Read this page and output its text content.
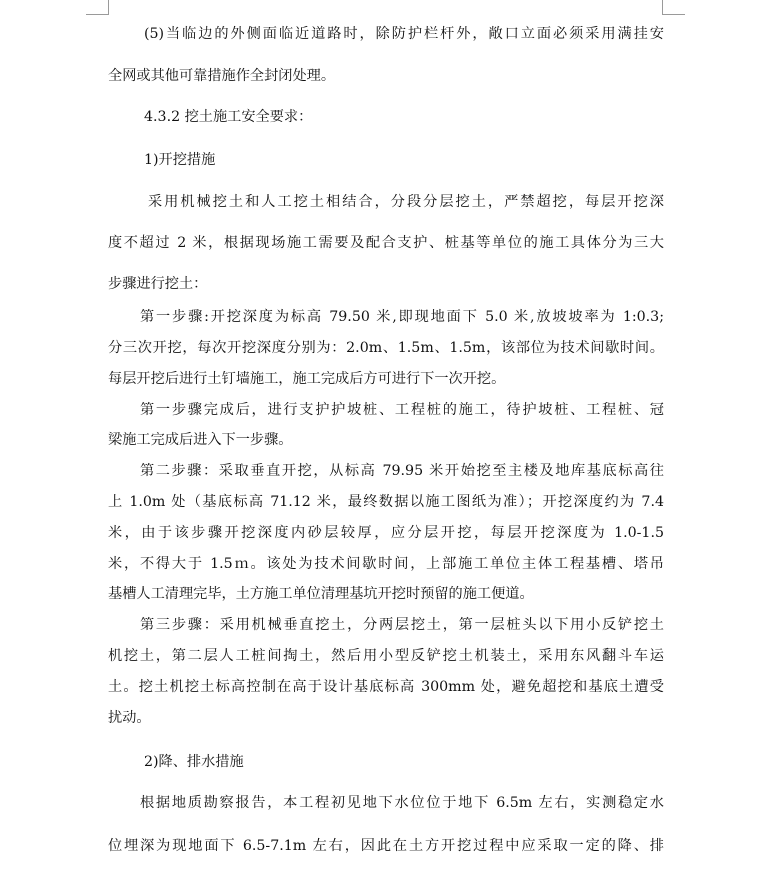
(5)当临边的外侧面临近道路时，除防护栏杆外，敞口立面必须采用满挂安
全网或其他可靠措施作全封闭处理。
4.3.2 挖土施工安全要求：
1)开挖措施
采用机械挖土和人工挖土相结合，分段分层挖土，严禁超挖，每层开挖深
度不超过 2 米，根据现场施工需要及配合支护、桩基等单位的施工具体分为三大
步骤进行挖土：
第一步骤:开挖深度为标高 79.50 米,即现地面下 5.0 米,放坡坡率为 1:0.3;
分三次开挖，每次开挖深度分别为：2.0m、1.5m、1.5m，该部位为技术间歇时间。
每层开挖后进行土钉墙施工，施工完成后方可进行下一次开挖。
第一步骤完成后，进行支护护坡桩、工程桩的施工，待护坡桩、工程桩、冠
梁施工完成后进入下一步骤。
第二步骤：采取垂直开挖，从标高 79.95 米开始挖至主楼及地库基底标高往
上 1.0m 处（基底标高 71.12 米，最终数据以施工图纸为准）；开挖深度约为 7.4
米，由于该步骤开挖深度内砂层较厚，应分层开挖，每层开挖深度为 1.0-1.5
米，不得大于 1.5ｍ。该处为技术间歇时间，上部施工单位主体工程基槽、塔吊
基槽人工清理完毕，土方施工单位清理基坑开挖时预留的施工便道。
第三步骤：采用机械垂直挖土，分两层挖土，第一层桩头以下用小反铲挖土
机挖土，第二层人工桩间掏土，然后用小型反铲挖土机装土，采用东风翻斗车运
土。挖土机挖土标高控制在高于设计基底标高 300mm 处，避免超挖和基底土遭受
扰动。
2)降、排水措施
根据地质勘察报告，本工程初见地下水位位于地下 6.5m 左右，实测稳定水
位埋深为现地面下 6.5-7.1m 左右，因此在土方开挖过程中应采取一定的降、排
